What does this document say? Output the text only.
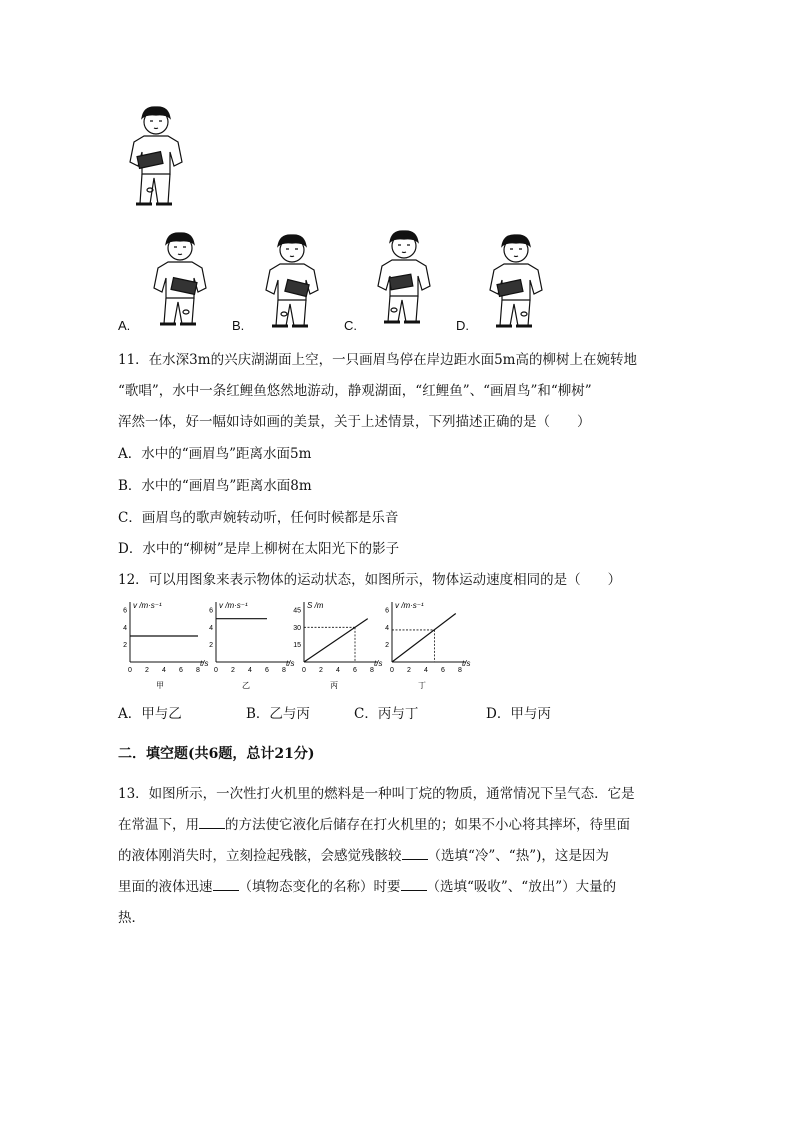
A.	B.	C.	D.
11．在水深3m的兴庆湖湖面上空，一只画眉鸟停在岸边距水面5m高的柳树上在婉转地
“歌唱”，水中一条红鲤鱼悠然地游动，静观湖面，“红鲤鱼”、“画眉鸟”和“柳树”
浑然一体，好一幅如诗如画的美景，关于上述情景，下列描述正确的是（　　）
A．水中的“画眉鸟”距离水面5m
B．水中的“画眉鸟”距离水面8m
C．画眉鸟的歌声婉转动听，任何时候都是乐音
D．水中的“柳树”是岸上柳树在太阳光下的影子
12．可以用图象来表示物体的运动状态，如图所示，物体运动速度相同的是（　　）
v /m·s⁻¹
t/s
0 2 4 6 8
2
4
6
甲
v /m·s⁻¹
t/s
0 2 4 6 8
2
4
6
乙
S /m
t/s
0 2 4 6 8
15
30
45
丙
v /m·s⁻¹
t/s
0 2 4 6 8
2
4
6
丁
A．甲与乙	B．乙与丙	C．丙与丁	D．甲与丙
二．填空题(共6题，总计21分)
13．如图所示，一次性打火机里的燃料是一种叫丁烷的物质，通常情况下呈气态．它是
在常温下，用 的方法使它液化后储存在打火机里的；如果不小心将其摔坏，待里面
的液体刚消失时，立刻捡起残骸，会感觉残骸较 （选填“冷”、“热”)，这是因为
里面的液体迅速 （填物态变化的名称）时要 （选填“吸收”、“放出”）大量的
热．
